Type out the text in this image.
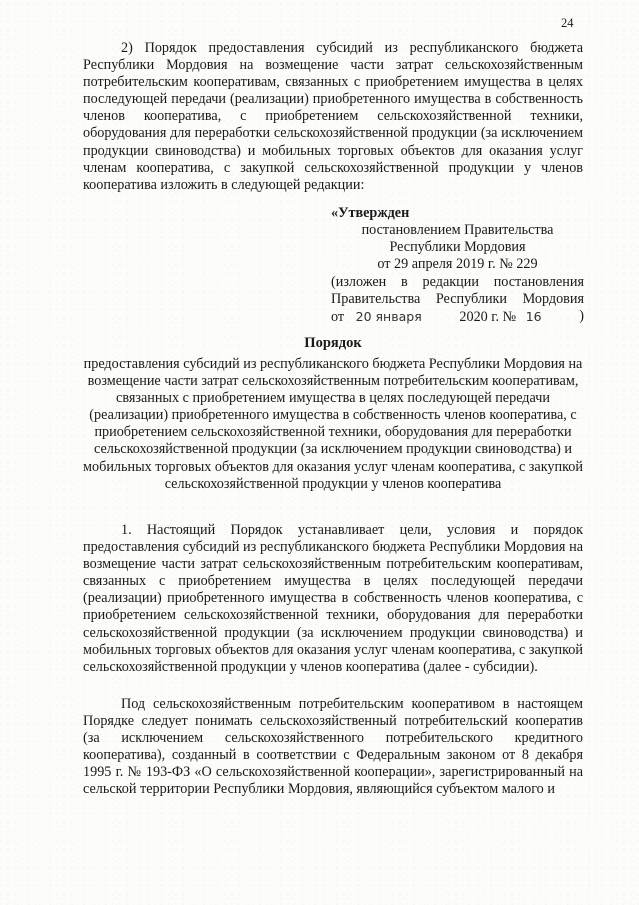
24
2) Порядок предоставления субсидий из республиканского бюджета Республики Мордовия на возмещение части затрат сельскохозяйственным потребительским кооперативам, связанных с приобретением имущества в целях последующей передачи (реализации) приобретенного имущества в собственность членов кооператива, с приобретением сельскохозяйственной техники, оборудования для переработки сельскохозяйственной продукции (за исключением продукции свиноводства) и мобильных торговых объектов для оказания услуг членам кооператива, с закупкой сельскохозяйственной продукции у членов кооператива изложить в следующей редакции:
«Утвержден
постановлением Правительства
Республики Мордовия
от 29 апреля 2019 г. № 229
(изложен в редакции постановления
Правительства Республики Мордовия
от 20 января	2020 г. № 16	)
Порядок
предоставления субсидий из республиканского бюджета Республики Мордовия на возмещение части затрат сельскохозяйственным потребительским кооперативам, связанных с приобретением имущества в целях последующей передачи (реализации) приобретенного имущества в собственность членов кооператива, с приобретением сельскохозяйственной техники, оборудования для переработки сельскохозяйственной продукции (за исключением продукции свиноводства) и мобильных торговых объектов для оказания услуг членам кооператива, с закупкой сельскохозяйственной продукции у членов кооператива
1. Настоящий Порядок устанавливает цели, условия и порядок предоставления субсидий из республиканского бюджета Республики Мордовия на возмещение части затрат сельскохозяйственным потребительским кооперативам, связанных с приобретением имущества в целях последующей передачи (реализации) приобретенного имущества в собственность членов кооператива, с приобретением сельскохозяйственной техники, оборудования для переработки сельскохозяйственной продукции (за исключением продукции свиноводства) и мобильных торговых объектов для оказания услуг членам кооператива, с закупкой сельскохозяйственной продукции у членов кооператива (далее - субсидии).
Под сельскохозяйственным потребительским кооперативом в настоящем Порядке следует понимать сельскохозяйственный потребительский кооператив (за исключением сельскохозяйственного потребительского кредитного кооператива), созданный в соответствии с Федеральным законом от 8 декабря 1995 г. № 193-ФЗ «О сельскохозяйственной кооперации», зарегистрированный на сельской территории Республики Мордовия, являющийся субъектом малого и
